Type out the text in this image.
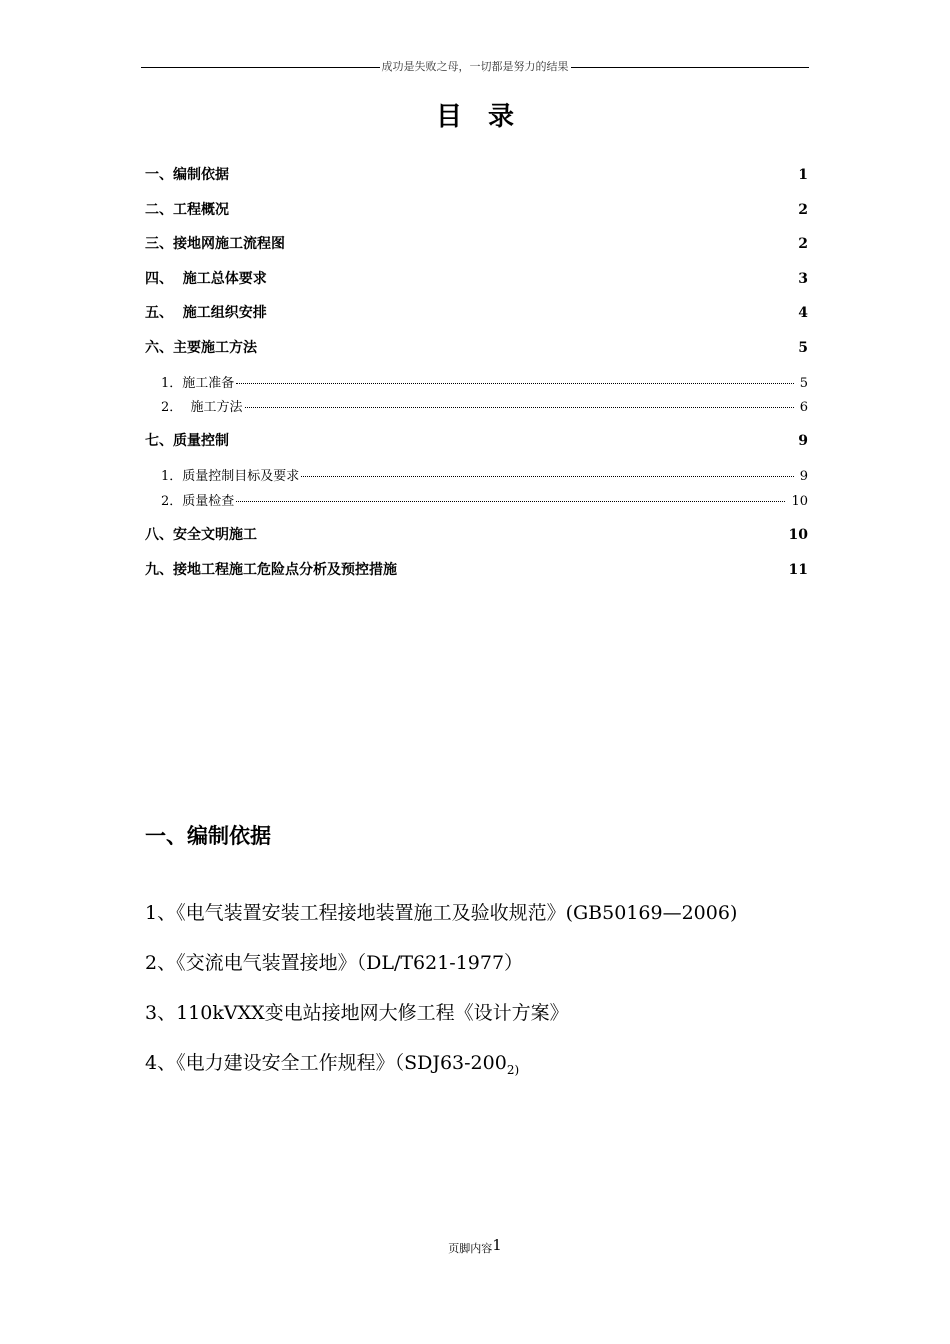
成功是失败之母，一切都是努力的结果
目录
一、编制依据	1
二、工程概况	2
三、接地网施工流程图	2
四、  施工总体要求	3
五、  施工组织安排	4
六、主要施工方法	5
1．施工准备	5
2．  施工方法	6
七、质量控制	9
1．质量控制目标及要求	9
2．质量检查	10
八、安全文明施工	10
九、接地工程施工危险点分析及预控措施	11
一、编制依据
1、《电气装置安装工程接地装置施工及验收规范》(GB50169—2006)
2、《交流电气装置接地》（DL/T621-1977）
3、110kVXX变电站接地网大修工程《设计方案》
4、《电力建设安全工作规程》（$SDJ63-200_{2)}$
页脚内容1
